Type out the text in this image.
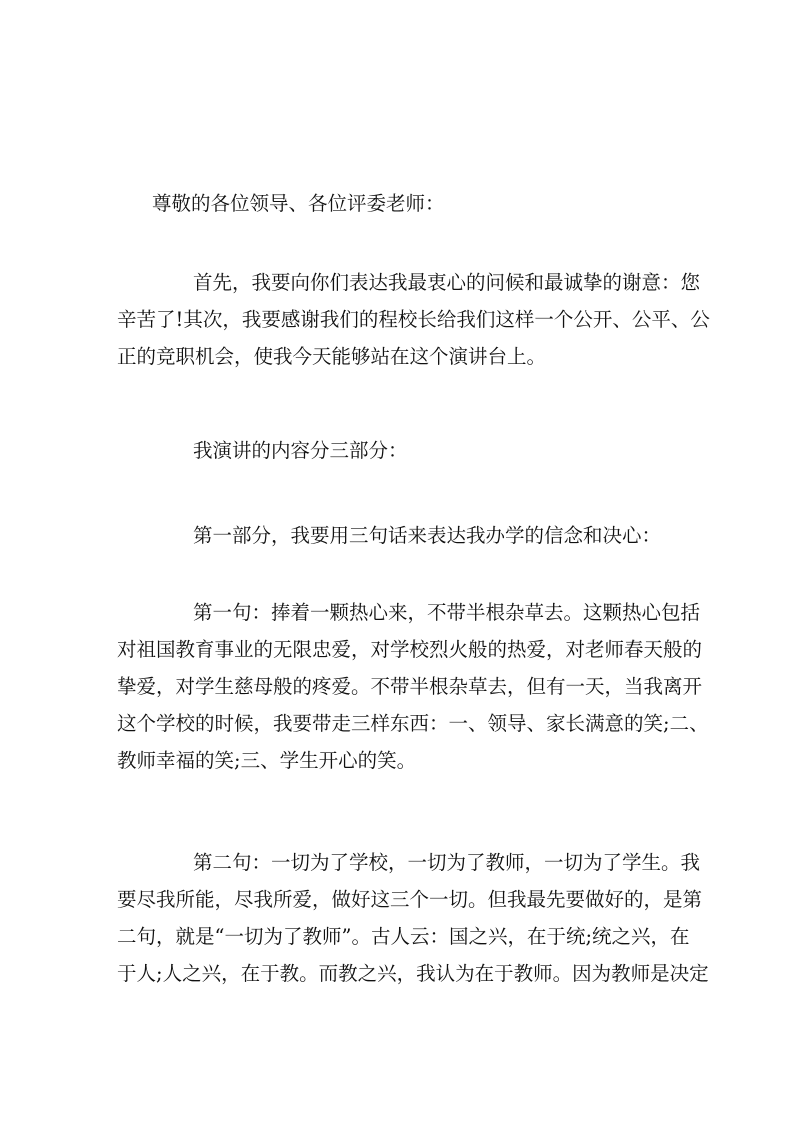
尊敬的各位领导、各位评委老师：
首先，我要向你们表达我最衷心的问候和最诚挚的谢意：您
辛苦了!其次，我要感谢我们的程校长给我们这样一个公开、公平、公
正的竞职机会，使我今天能够站在这个演讲台上。
我演讲的内容分三部分：
第一部分，我要用三句话来表达我办学的信念和决心：
第一句：捧着一颗热心来，不带半根杂草去。这颗热心包括
对祖国教育事业的无限忠爱，对学校烈火般的热爱，对老师春天般的
挚爱，对学生慈母般的疼爱。不带半根杂草去，但有一天，当我离开
这个学校的时候，我要带走三样东西：一、领导、家长满意的笑;二、
教师幸福的笑;三、学生开心的笑。
第二句：一切为了学校，一切为了教师，一切为了学生。我
要尽我所能，尽我所爱，做好这三个一切。但我最先要做好的，是第
二句，就是“一切为了教师”。古人云：国之兴，在于统;统之兴，在
于人;人之兴，在于教。而教之兴，我认为在于教师。因为教师是决定
